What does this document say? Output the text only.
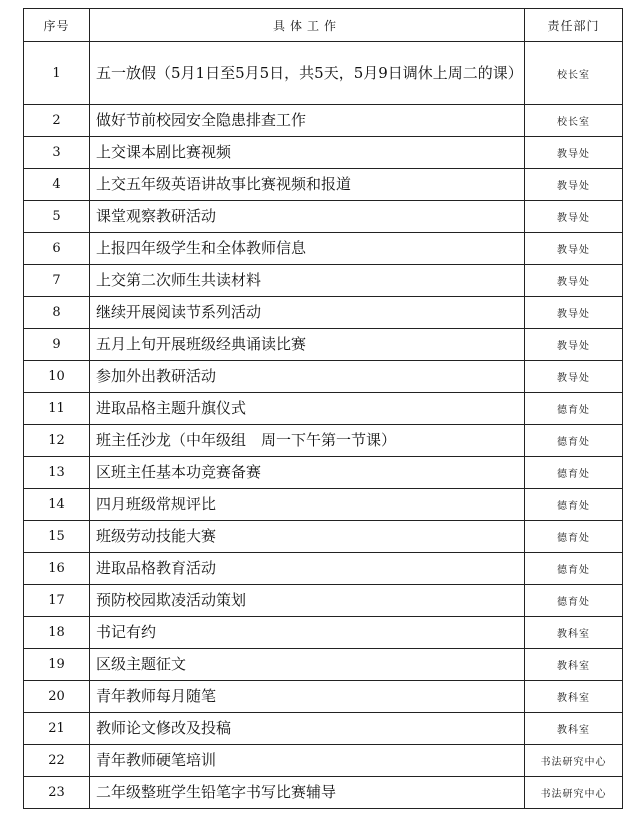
序号	具体工作	责任部门
1	五一放假（5月1日至5月5日，共5天，5月9日调休上周二的课）	校长室
2	做好节前校园安全隐患排查工作	校长室
3	上交课本剧比赛视频	教导处
4	上交五年级英语讲故事比赛视频和报道	教导处
5	课堂观察教研活动	教导处
6	上报四年级学生和全体教师信息	教导处
7	上交第二次师生共读材料	教导处
8	继续开展阅读节系列活动	教导处
9	五月上旬开展班级经典诵读比赛	教导处
10	参加外出教研活动	教导处
11	进取品格主题升旗仪式	德育处
12	班主任沙龙（中年级组　周一下午第一节课）	德育处
13	区班主任基本功竞赛备赛	德育处
14	四月班级常规评比	德育处
15	班级劳动技能大赛	德育处
16	进取品格教育活动	德育处
17	预防校园欺凌活动策划	德育处
18	书记有约	教科室
19	区级主题征文	教科室
20	青年教师每月随笔	教科室
21	教师论文修改及投稿	教科室
22	青年教师硬笔培训	书法研究中心
23	二年级整班学生铅笔字书写比赛辅导	书法研究中心
